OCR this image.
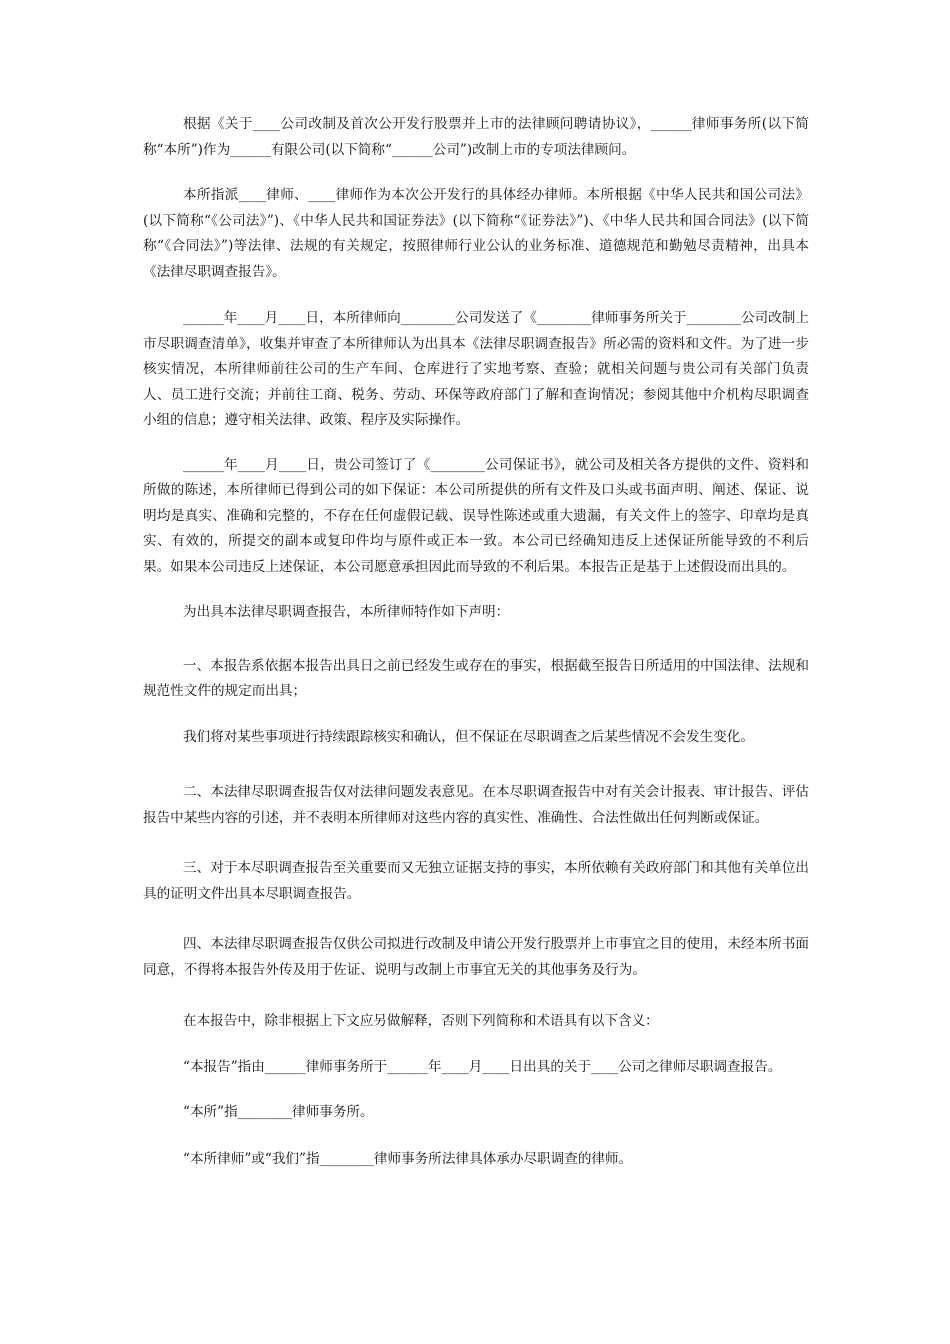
根据《关于____公司改制及首次公开发行股票并上市的法律顾问聘请协议》，______律师事务所(以下简称“本所”)作为______有限公司(以下简称“______公司”)改制上市的专项法律顾问。

本所指派____律师、____律师作为本次公开发行的具体经办律师。本所根据《中华人民共和国公司法》(以下简称“《公司法》”)、《中华人民共和国证券法》(以下简称“《证券法》”)、《中华人民共和国合同法》(以下简称“《合同法》”)等法律、法规的有关规定，按照律师行业公认的业务标准、道德规范和勤勉尽责精神，出具本《法律尽职调查报告》。

______年____月____日，本所律师向________公司发送了《________律师事务所关于________公司改制上市尽职调查清单》，收集并审查了本所律师认为出具本《法律尽职调查报告》所必需的资料和文件。为了进一步核实情况，本所律师前往公司的生产车间、仓库进行了实地考察、查验；就相关问题与贵公司有关部门负责人、员工进行交流；并前往工商、税务、劳动、环保等政府部门了解和查询情况；参阅其他中介机构尽职调查小组的信息；遵守相关法律、政策、程序及实际操作。

______年____月____日，贵公司签订了《________公司保证书》，就公司及相关各方提供的文件、资料和所做的陈述，本所律师已得到公司的如下保证：本公司所提供的所有文件及口头或书面声明、阐述、保证、说明均是真实、准确和完整的，不存在任何虚假记载、误导性陈述或重大遗漏，有关文件上的签字、印章均是真实、有效的，所提交的副本或复印件均与原件或正本一致。本公司已经确知违反上述保证所能导致的不利后果。如果本公司违反上述保证，本公司愿意承担因此而导致的不利后果。本报告正是基于上述假设而出具的。

为出具本法律尽职调查报告，本所律师特作如下声明：

一、本报告系依据本报告出具日之前已经发生或存在的事实，根据截至报告日所适用的中国法律、法规和规范性文件的规定而出具；

我们将对某些事项进行持续跟踪核实和确认，但不保证在尽职调查之后某些情况不会发生变化。

二、本法律尽职调查报告仅对法律问题发表意见。在本尽职调查报告中对有关会计报表、审计报告、评估报告中某些内容的引述，并不表明本所律师对这些内容的真实性、准确性、合法性做出任何判断或保证。

三、对于本尽职调查报告至关重要而又无独立证据支持的事实，本所依赖有关政府部门和其他有关单位出具的证明文件出具本尽职调查报告。

四、本法律尽职调查报告仅供公司拟进行改制及申请公开发行股票并上市事宜之目的使用，未经本所书面同意，不得将本报告外传及用于佐证、说明与改制上市事宜无关的其他事务及行为。

在本报告中，除非根据上下文应另做解释，否则下列简称和术语具有以下含义：

“本报告”指由______律师事务所于______年____月____日出具的关于____公司之律师尽职调查报告。

“本所”指________律师事务所。

“本所律师”或“我们”指________律师事务所法律具体承办尽职调查的律师。
